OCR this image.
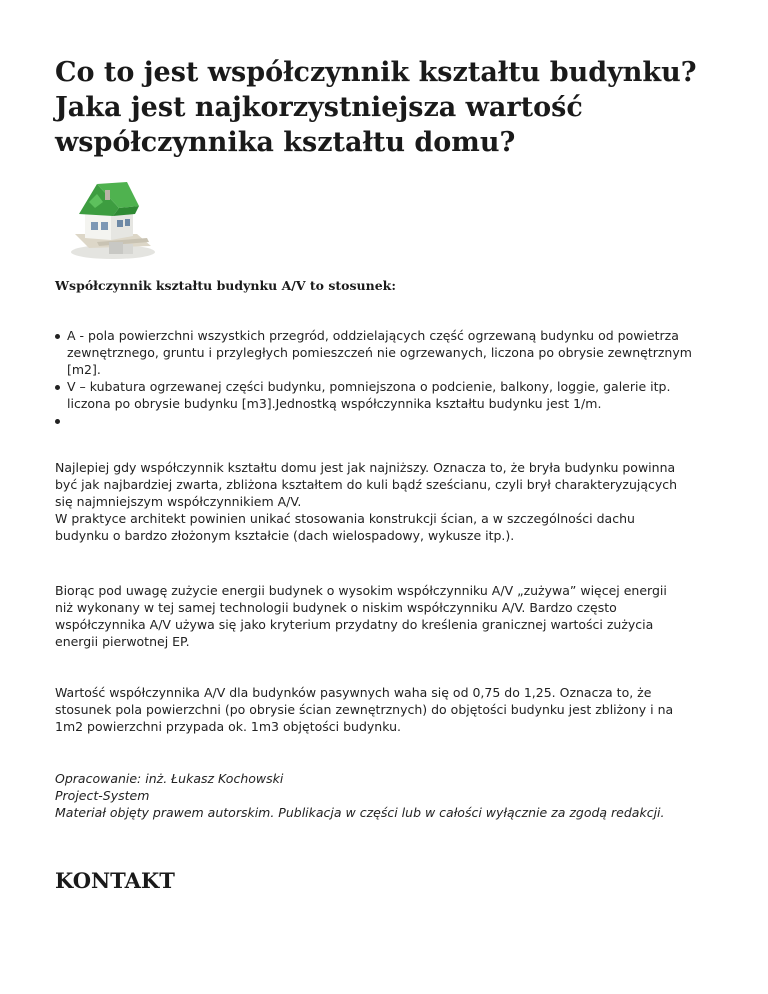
Co to jest współczynnik kształtu budynku?
Jaka jest najkorzystniejsza wartość
współczynnika kształtu domu?

Współczynnik kształtu budynku A/V to stosunek:

A - pola powierzchni wszystkich przegród, oddzielających część ogrzewaną budynku od powietrza
zewnętrznego, gruntu i przyległych pomieszczeń nie ogrzewanych, liczona po obrysie zewnętrznym
[m2].
V – kubatura ogrzewanej części budynku, pomniejszona o podcienie, balkony, loggie, galerie itp.
liczona po obrysie budynku [m3].Jednostką współczynnika kształtu budynku jest 1/m.

Najlepiej gdy współczynnik kształtu domu jest jak najniższy. Oznacza to, że bryła budynku powinna
być jak najbardziej zwarta, zbliżona kształtem do kuli bądź sześcianu, czyli brył charakteryzujących
się najmniejszym współczynnikiem A/V.
W praktyce architekt powinien unikać stosowania konstrukcji ścian, a w szczególności dachu
budynku o bardzo złożonym kształcie (dach wielospadowy, wykusze itp.).
Biorąc pod uwagę zużycie energii budynek o wysokim współczynniku A/V „zużywa” więcej energii
niż wykonany w tej samej technologii budynek o niskim współczynniku A/V. Bardzo często
współczynnika A/V używa się jako kryterium przydatny do kreślenia granicznej wartości zużycia
energii pierwotnej EP.
Wartość współczynnika A/V dla budynków pasywnych waha się od 0,75 do 1,25. Oznacza to, że
stosunek pola powierzchni (po obrysie ścian zewnętrznych) do objętości budynku jest zbliżony i na
1m2 powierzchni przypada ok. 1m3 objętości budynku.
Opracowanie: inż. Łukasz Kochowski
Project-System
Materiał objęty prawem autorskim. Publikacja w części lub w całości wyłącznie za zgodą redakcji.
KONTAKT
